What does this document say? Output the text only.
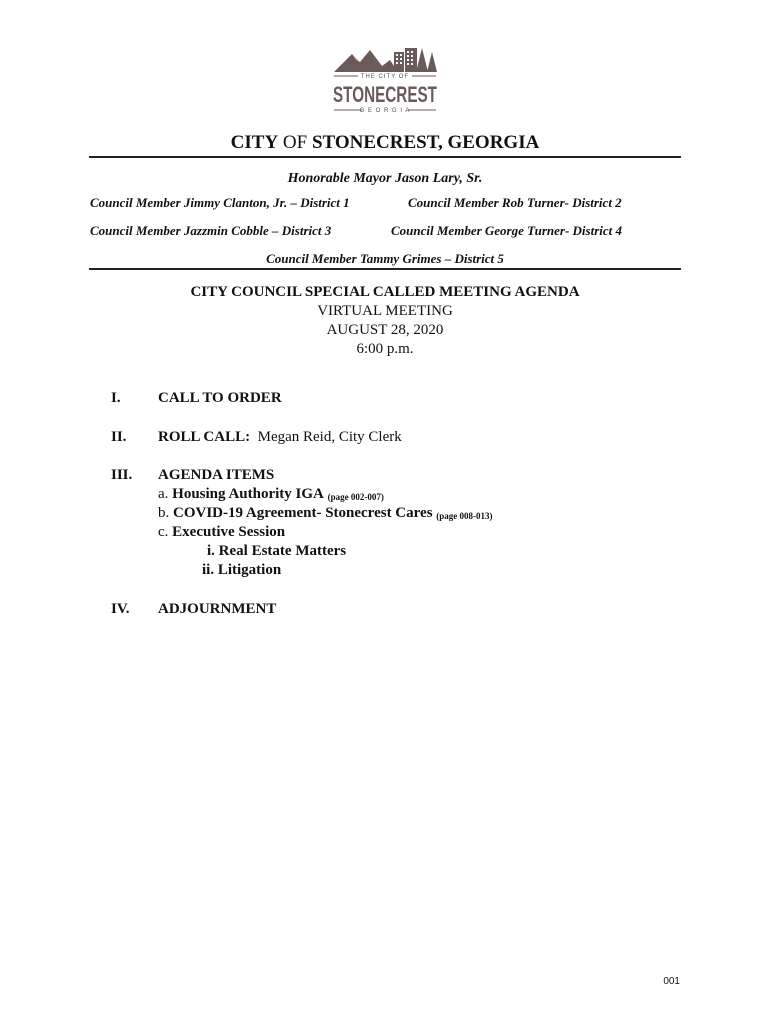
THE CITY OF
STONECREST
G E O R G I A
CITY OF STONECREST, GEORGIA
Honorable Mayor Jason Lary, Sr.
Council Member Jimmy Clanton, Jr. – District 1	Council Member Rob Turner- District 2
Council Member Jazzmin Cobble – District 3	Council Member George Turner- District 4
Council Member Tammy Grimes – District 5
CITY COUNCIL SPECIAL CALLED MEETING AGENDA
VIRTUAL MEETING
AUGUST 28, 2020
6:00 p.m.
I. CALL TO ORDER
II. ROLL CALL: Megan Reid, City Clerk
III. AGENDA ITEMS
a. Housing Authority IGA (page 002-007)
b. COVID-19 Agreement- Stonecrest Cares (page 008-013)
c. Executive Session
i. Real Estate Matters
ii. Litigation
IV. ADJOURNMENT
001
